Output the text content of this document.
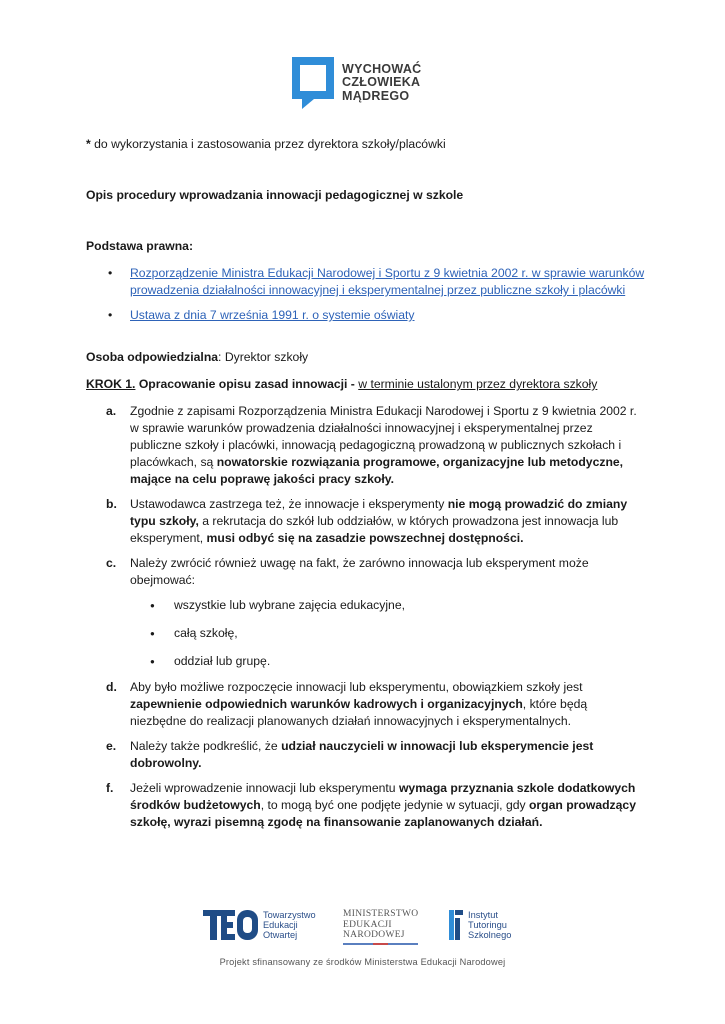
WYCHOWAĆ
CZŁOWIEKA
MĄDREGO
* do wykorzystania i zastosowania przez dyrektora szkoły/placówki
Opis procedury wprowadzania innowacji pedagogicznej w szkole
Podstawa prawna:
• Rozporządzenie Ministra Edukacji Narodowej i Sportu z 9 kwietnia 2002 r. w sprawie warunków prowadzenia działalności innowacyjnej i eksperymentalnej przez publiczne szkoły i placówki
• Ustawa z dnia 7 września 1991 r. o systemie oświaty
Osoba odpowiedzialna: Dyrektor szkoły
KROK 1. Opracowanie opisu zasad innowacji - w terminie ustalonym przez dyrektora szkoły
a. Zgodnie z zapisami Rozporządzenia Ministra Edukacji Narodowej i Sportu z 9 kwietnia 2002 r. w sprawie warunków prowadzenia działalności innowacyjnej i eksperymentalnej przez publiczne szkoły i placówki, innowacją pedagogiczną prowadzoną w publicznych szkołach i placówkach, są nowatorskie rozwiązania programowe, organizacyjne lub metodyczne, mające na celu poprawę jakości pracy szkoły.
b. Ustawodawca zastrzega też, że innowacje i eksperymenty nie mogą prowadzić do zmiany typu szkoły, a rekrutacja do szkół lub oddziałów, w których prowadzona jest innowacja lub eksperyment, musi odbyć się na zasadzie powszechnej dostępności.
c. Należy zwrócić również uwagę na fakt, że zarówno innowacja lub eksperyment może obejmować:
● wszystkie lub wybrane zajęcia edukacyjne,
● całą szkołę,
● oddział lub grupę.
d. Aby było możliwe rozpoczęcie innowacji lub eksperymentu, obowiązkiem szkoły jest zapewnienie odpowiednich warunków kadrowych i organizacyjnych, które będą niezbędne do realizacji planowanych działań innowacyjnych i eksperymentalnych.
e. Należy także podkreślić, że udział nauczycieli w innowacji lub eksperymencie jest dobrowolny.
f. Jeżeli wprowadzenie innowacji lub eksperymentu wymaga przyznania szkole dodatkowych środków budżetowych, to mogą być one podjęte jedynie w sytuacji, gdy organ prowadzący szkołę, wyrazi pisemną zgodę na finansowanie zaplanowanych działań.
Towarzystwo
Edukacji
Otwartej
MINISTERSTWO
EDUKACJI
NARODOWEJ
Instytut
Tutoringu
Szkolnego
Projekt sfinansowany ze środków Ministerstwa Edukacji Narodowej
